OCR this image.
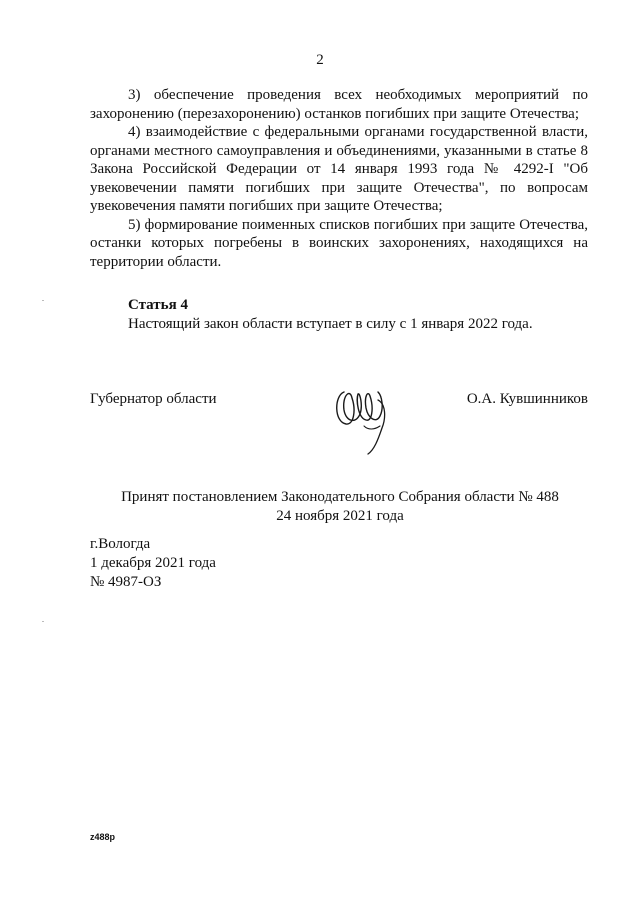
2

3) обеспечение проведения всех необходимых мероприятий по захоронению (перезахоронению) останков погибших при защите Отечества;

4) взаимодействие с федеральными органами государственной власти, органами местного самоуправления и объединениями, указанными в статье 8 Закона Российской Федерации от 14 января 1993 года № 4292-I "Об увековечении памяти погибших при защите Отечества", по вопросам увековечения памяти погибших при защите Отечества;

5) формирование поименных списков погибших при защите Отечества, останки которых погребены в воинских захоронениях, находящихся на территории области.

Статья 4

Настоящий закон области вступает в силу с 1 января 2022 года.

Губернатор области	О.А. Кувшинников
Принят постановлением Законодательного Собрания области № 488
24 ноября 2021 года
г.Вологда
1 декабря 2021 года
№ 4987-ОЗ
z488p
